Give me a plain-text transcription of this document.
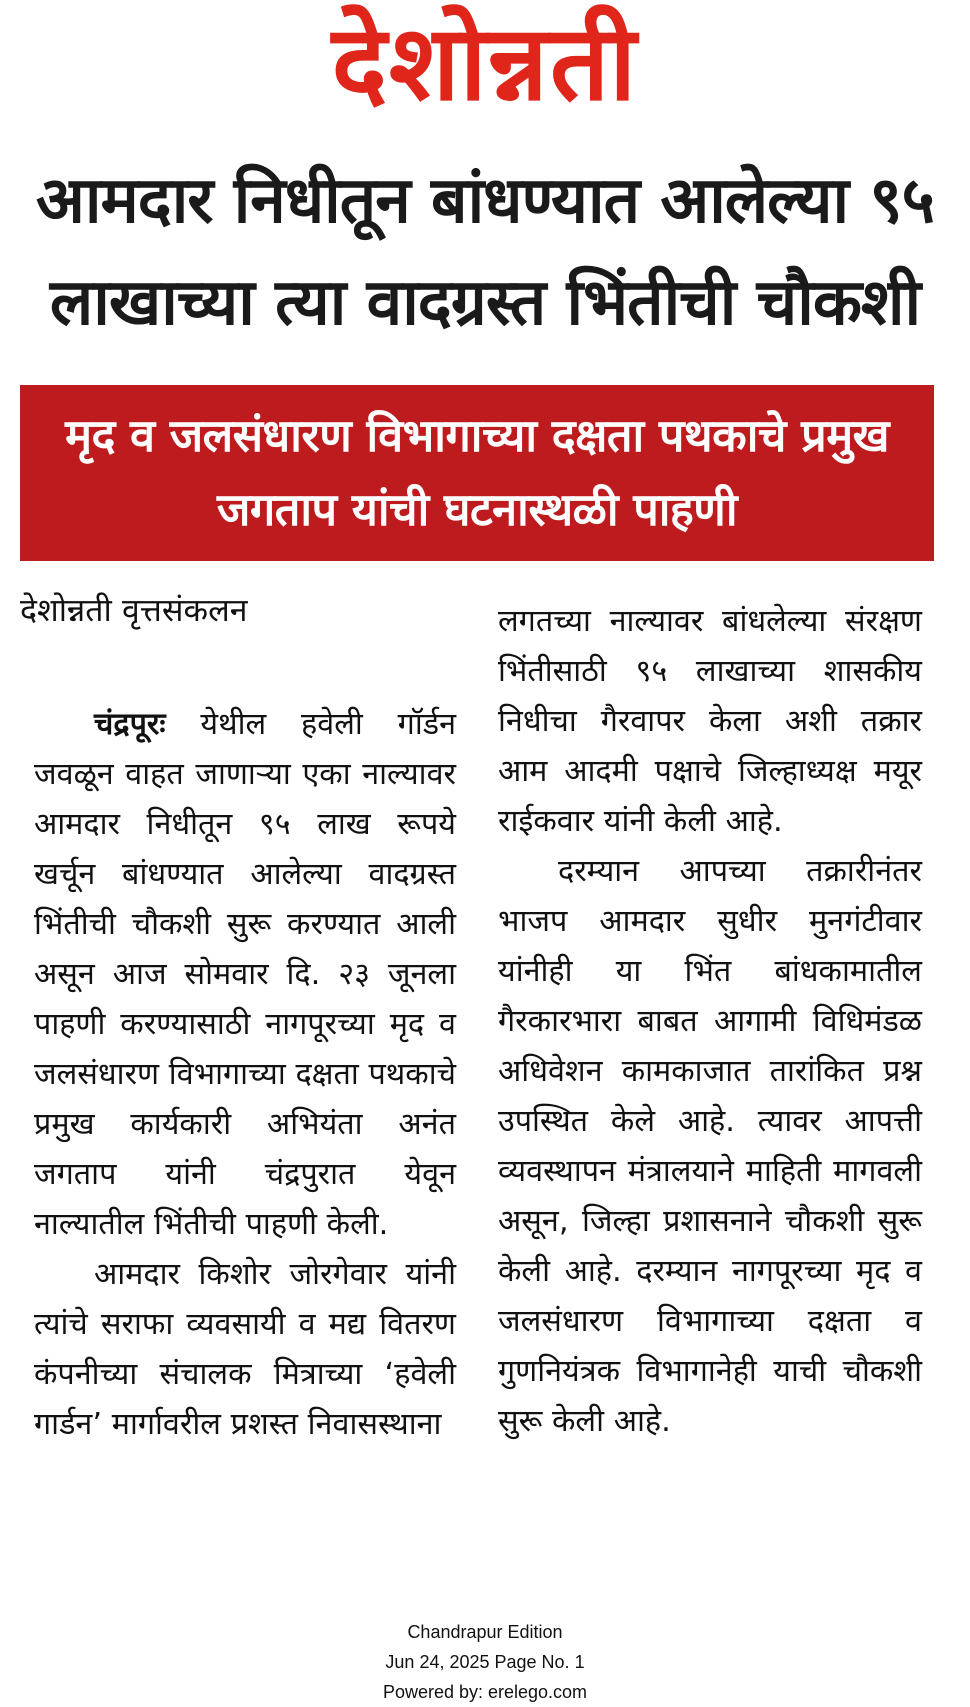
देशोन्नती
आमदार निधीतून बांधण्यात आलेल्या ९५ लाखाच्या त्या वादग्रस्त भिंतीची चौकशी
मृद व जलसंधारण विभागाच्या दक्षता पथकाचे प्रमुख जगताप यांची घटनास्थळी पाहणी
देशोन्नती वृत्तसंकलन

चंद्रपूरः येथील हवेली गॉर्डन जवळून वाहत जाणाऱ्या एका नाल्यावर आमदार निधीतून ९५ लाख रूपये खर्चून बांधण्यात आलेल्या वादग्रस्त भिंतीची चौकशी सुरू करण्यात आली असून आज सोमवार दि. २३ जूनला पाहणी करण्यासाठी नागपूरच्या मृद व जलसंधारण विभागाच्या दक्षता पथकाचे प्रमुख कार्यकारी अभियंता अनंत जगताप यांनी चंद्रपुरात येवून नाल्यातील भिंतीची पाहणी केली.

आमदार किशोर जोरगेवार यांनी त्यांचे सराफा व्यवसायी व मद्य वितरण कंपनीच्या संचालक मित्राच्या ‘हवेली गार्डन’ मार्गावरील प्रशस्त निवासस्थाना

लगतच्या नाल्यावर बांधलेल्या संरक्षण भिंतीसाठी ९५ लाखाच्या शासकीय निधीचा गैरवापर केला अशी तक्रार आम आदमी पक्षाचे जिल्हाध्यक्ष मयूर राईकवार यांनी केली आहे.

दरम्यान आपच्या तक्रारीनंतर भाजप आमदार सुधीर मुनगंटीवार यांनीही या भिंत बांधकामातील गैरकारभारा बाबत आगामी विधिमंडळ अधिवेशन कामकाजात तारांकित प्रश्न उपस्थित केले आहे. त्यावर आपत्ती व्यवस्थापन मंत्रालयाने माहिती मागवली असून, जिल्हा प्रशासनाने चौकशी सुरू केली आहे. दरम्यान नागपूरच्या मृद व जलसंधारण विभागाच्या दक्षता व गुणनियंत्रक विभागानेही याची चौकशी सुरू केली आहे.

Chandrapur Edition
Jun 24, 2025 Page No. 1
Powered by: erelego.com
